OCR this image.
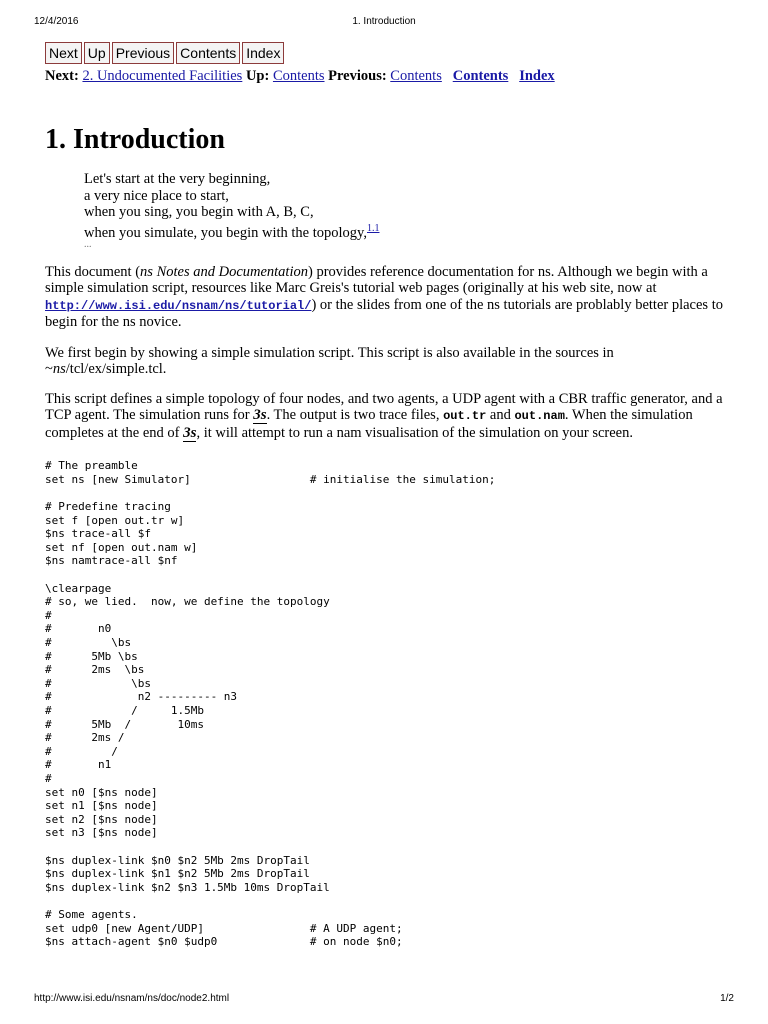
12/4/2016	1. Introduction
Next Up Previous Contents Index
Next: 2. Undocumented Facilities Up: Contents Previous: Contents Contents Index
1. Introduction
Let's start at the very beginning,
a very nice place to start,
when you sing, you begin with A, B, C,
when you simulate, you begin with the topology,$^{1.1}$
...

This document (ns Notes and Documentation) provides reference documentation for ns. Although we begin with a simple simulation script, resources like Marc Greis's tutorial web pages (originally at his web site, now at http://www.isi.edu/nsnam/ns/tutorial/) or the slides from one of the ns tutorials are problably better places to begin for the ns novice.

We first begin by showing a simple simulation script. This script is also available in the sources in ~ns/tcl/ex/simple.tcl.

This script defines a simple topology of four nodes, and two agents, a UDP agent with a CBR traffic generator, and a TCP agent. The simulation runs for 3s. The output is two trace files, out.tr and out.nam. When the simulation completes at the end of 3s, it will attempt to run a nam visualisation of the simulation on your screen.

# The preamble
set ns [new Simulator]                  # initialise the simulation;

# Predefine tracing
set f [open out.tr w]
$ns trace-all $f
set nf [open out.nam w]
$ns namtrace-all $nf

\clearpage
# so, we lied.  now, we define the topology
#
#       n0
#         \bs
#      5Mb \bs
#      2ms  \bs
#            \bs
#             n2 --------- n3
#            /     1.5Mb
#      5Mb  /       10ms
#      2ms /
#         /
#       n1
#
set n0 [$ns node]
set n1 [$ns node]
set n2 [$ns node]
set n3 [$ns node]

$ns duplex-link $n0 $n2 5Mb 2ms DropTail
$ns duplex-link $n1 $n2 5Mb 2ms DropTail
$ns duplex-link $n2 $n3 1.5Mb 10ms DropTail

# Some agents.
set udp0 [new Agent/UDP]                # A UDP agent;
$ns attach-agent $n0 $udp0              # on node $n0;
http://www.isi.edu/nsnam/ns/doc/node2.html	1/2
